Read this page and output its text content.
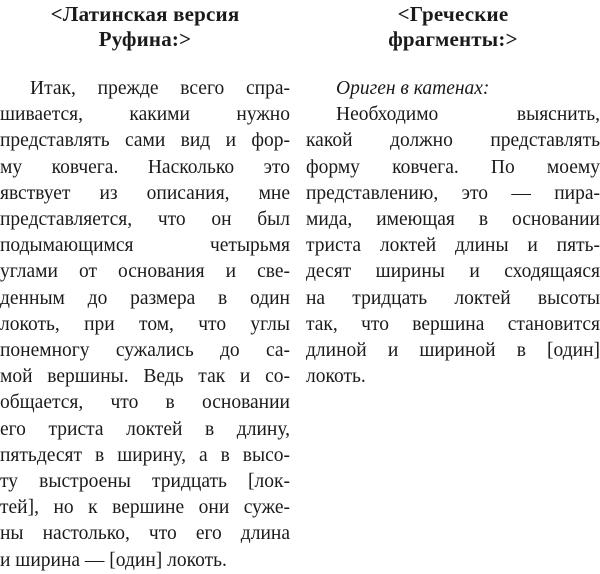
<Латинская версия
Руфина:>
Итак, прежде всего спра-
шивается, какими нужно
представлять сами вид и фор-
му ковчега. Насколько это
явствует из описания, мне
представляется, что он был
подымающимся четырьмя
углами от основания и све-
денным до размера в один
локоть, при том, что углы
понемногу сужались до са-
мой вершины. Ведь так и со-
общается, что в основании
его триста локтей в длину,
пятьдесят в ширину, а в высо-
ту выстроены тридцать [лок-
тей], но к вершине они суже-
ны настолько, что его длина
и ширина — [один] локоть.
<Греческие
фрагменты:>
Ориген в катенах:
Необходимо выяснить,
какой должно представлять
форму ковчега. По моему
представлению, это — пира-
мида, имеющая в основании
триста локтей длины и пять-
десят ширины и сходящаяся
на тридцать локтей высоты
так, что вершина становится
длиной и шириной в [один]
локоть.
